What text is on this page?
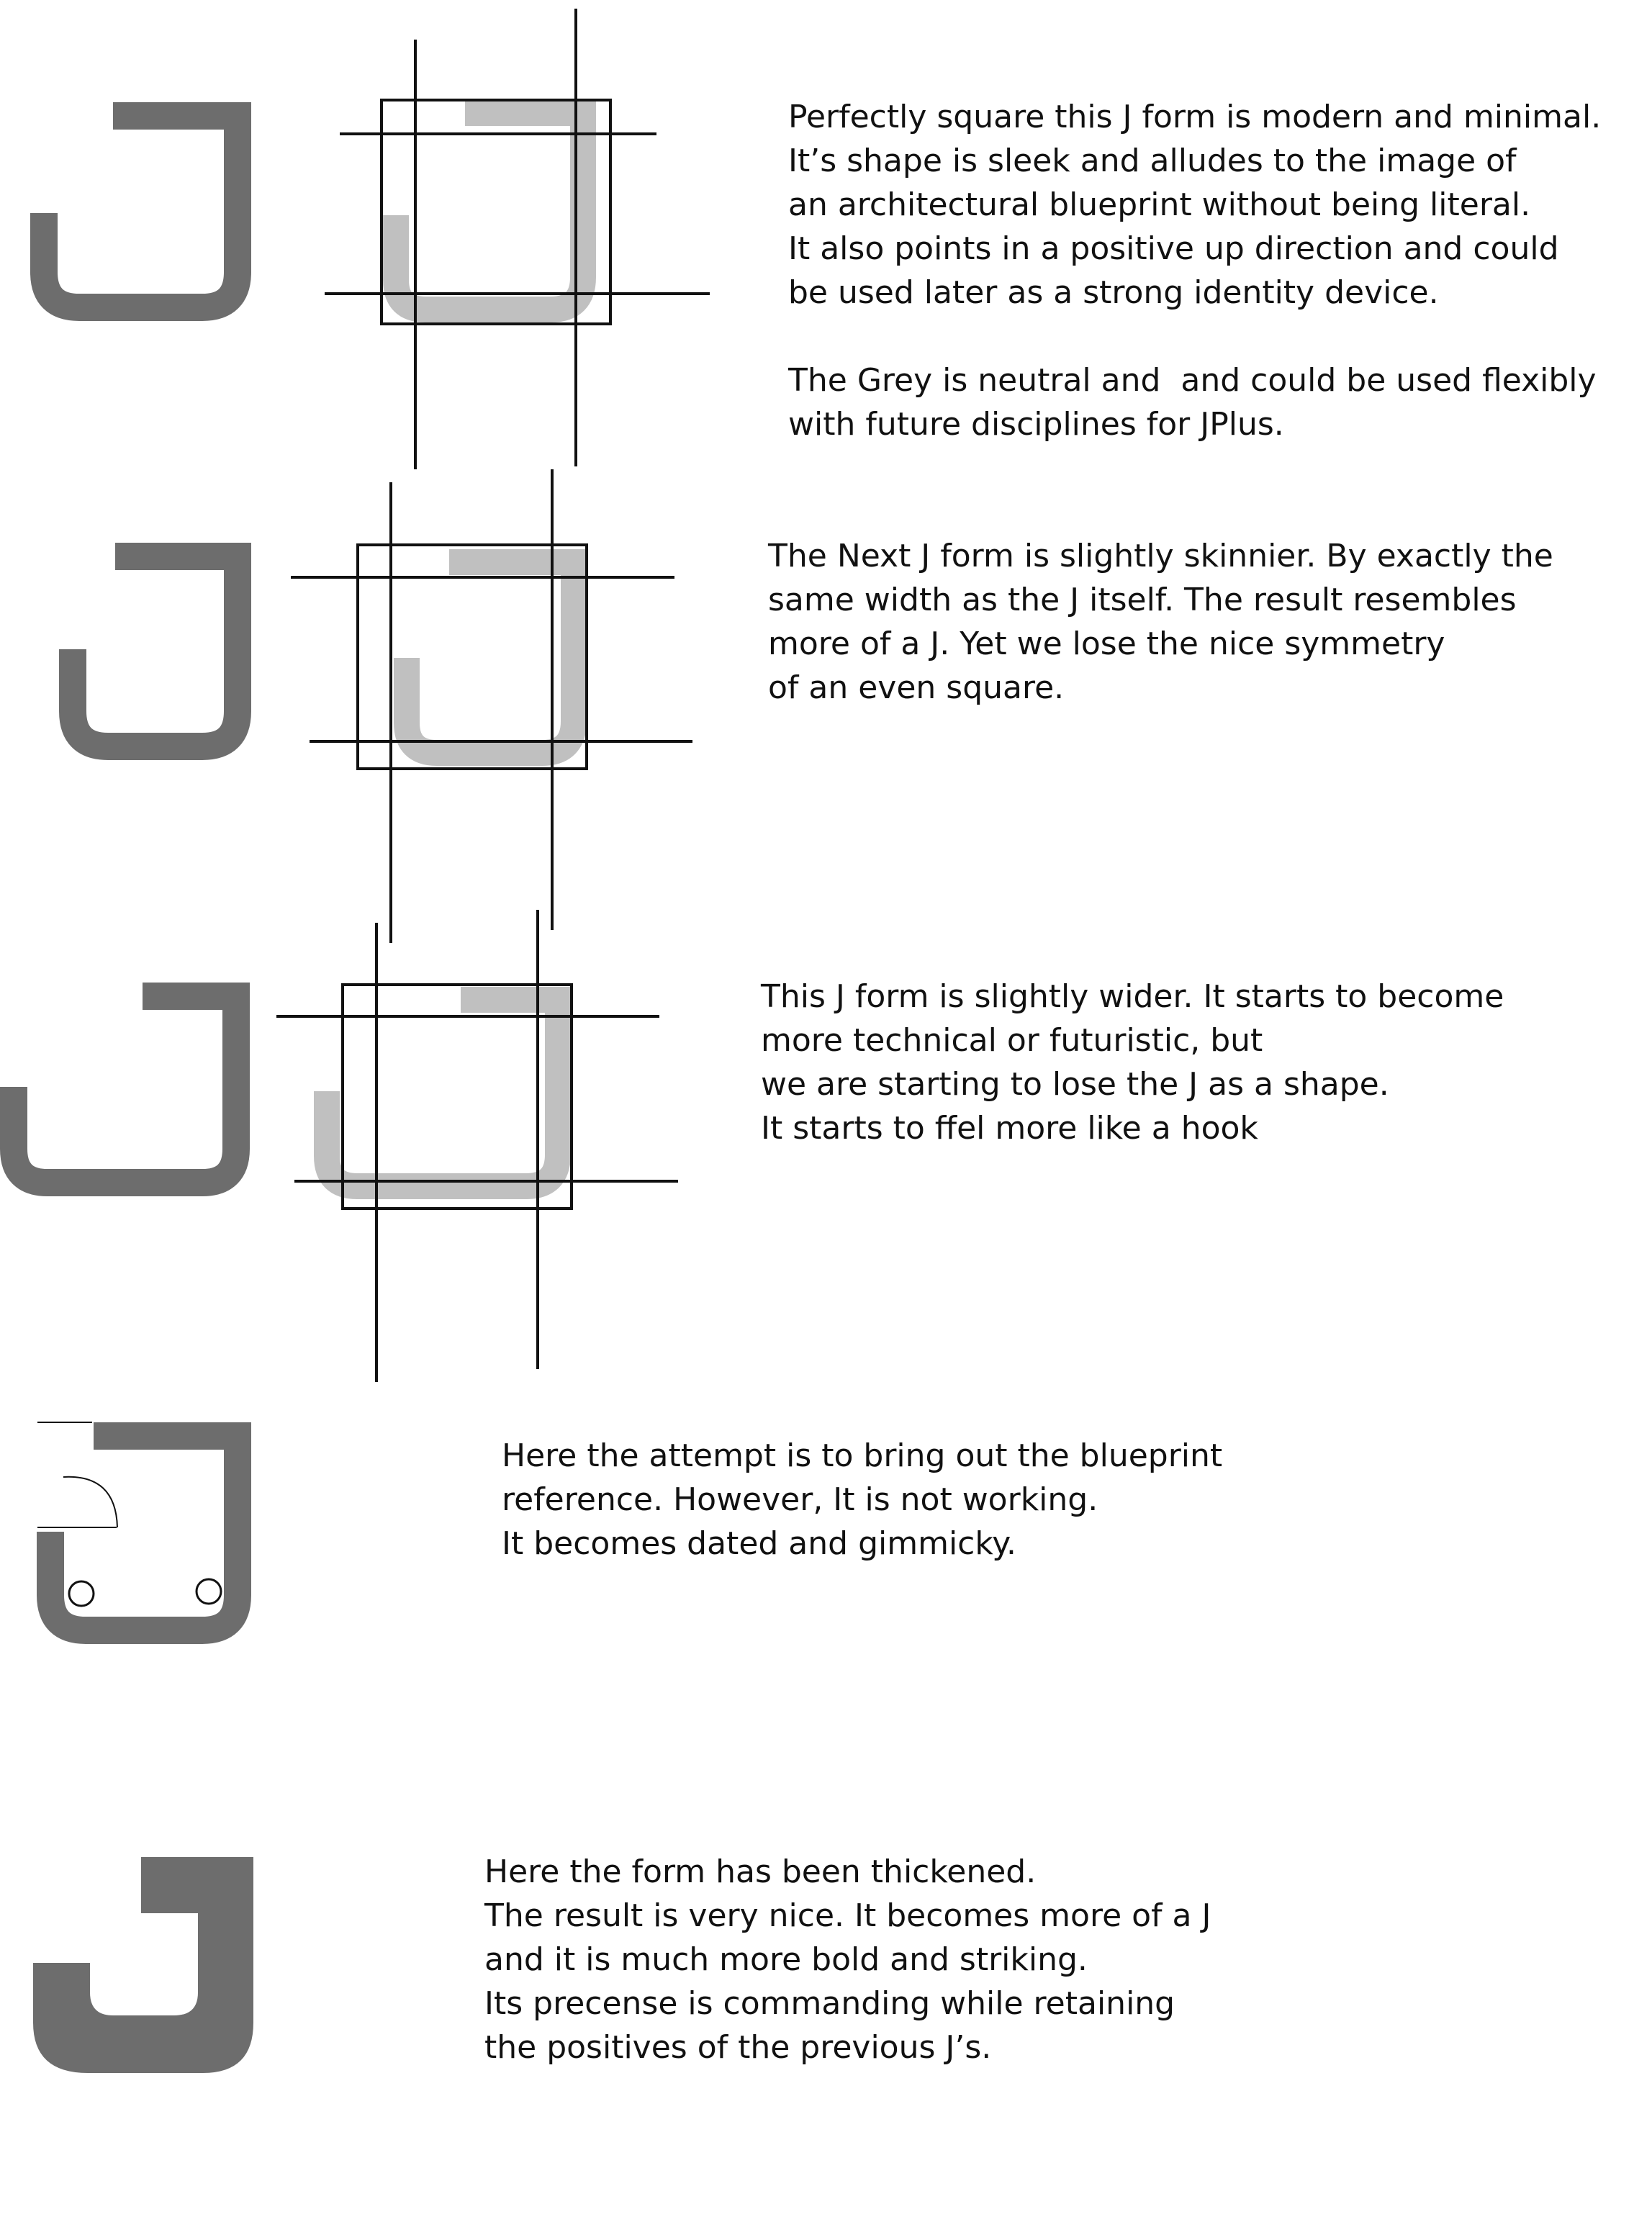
Perfectly square this J form is modern and minimal.
It’s shape is sleek and alludes to the image of
an architectural blueprint without being literal.
It also points in a positive up direction and could
be used later as a strong identity device.
The Grey is neutral and  and could be used flexibly
with future disciplines for JPlus.
The Next J form is slightly skinnier. By exactly the
same width as the J itself. The result resembles
more of a J. Yet we lose the nice symmetry
of an even square.
This J form is slightly wider. It starts to become
more technical or futuristic, but
we are starting to lose the J as a shape.
It starts to ffel more like a hook
Here the attempt is to bring out the blueprint
reference. However, It is not working.
It becomes dated and gimmicky.
Here the form has been thickened.
The result is very nice. It becomes more of a J
and it is much more bold and striking.
Its precense is commanding while retaining
the positives of the previous J’s.
